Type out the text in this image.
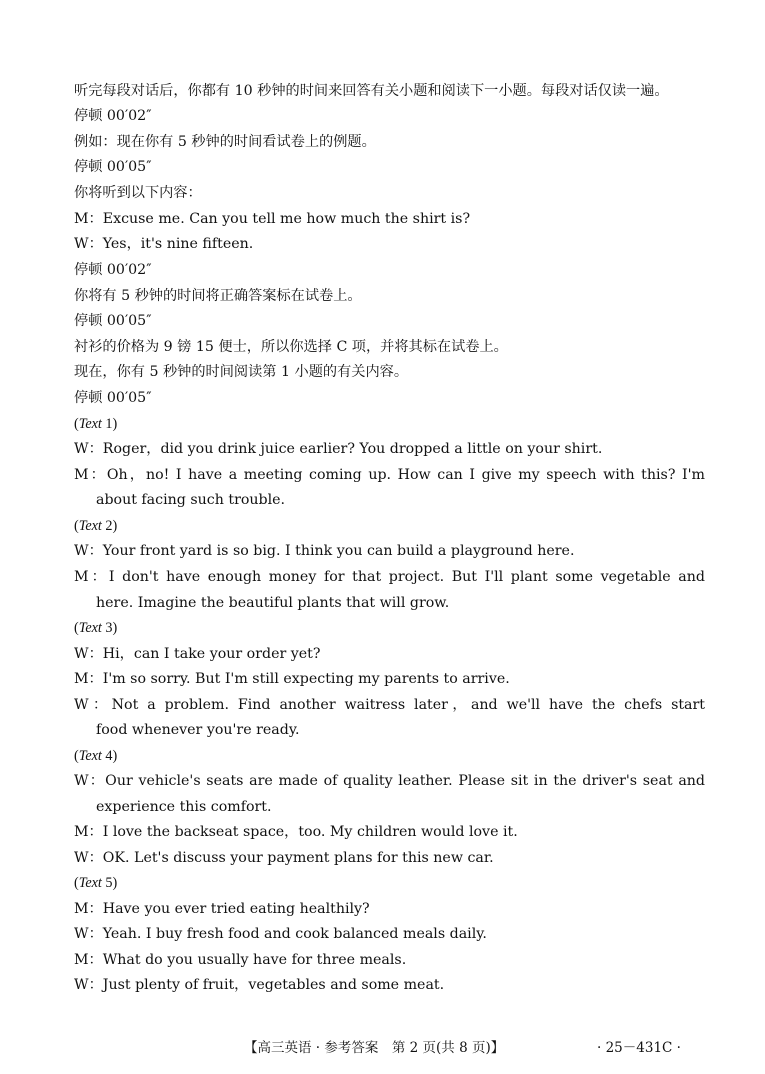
听完每段对话后，你都有 10 秒钟的时间来回答有关小题和阅读下一小题。每段对话仅读一遍。
停顿 00′02″
例如：现在你有 5 秒钟的时间看试卷上的例题。
停顿 00′05″
你将听到以下内容：
M：Excuse me. Can you tell me how much the shirt is?
W：Yes，it's nine fifteen.
停顿 00′02″
你将有 5 秒钟的时间将正确答案标在试卷上。
停顿 00′05″
衬衫的价格为 9 镑 15 便士，所以你选择 C 项，并将其标在试卷上。
现在，你有 5 秒钟的时间阅读第 1 小题的有关内容。
停顿 00′05″
(Text 1)
W：Roger，did you drink juice earlier? You dropped a little on your shirt.
M：Oh，no! I have a meeting coming up. How can I give my speech with this? I'm
about facing such trouble.
(Text 2)
W：Your front yard is so big. I think you can build a playground here.
M：I don't have enough money for that project. But I'll plant some vegetable and
here. Imagine the beautiful plants that will grow.
(Text 3)
W：Hi，can I take your order yet?
M：I'm so sorry. But I'm still expecting my parents to arrive.
W：Not a problem. Find another waitress later，and we'll have the chefs start
food whenever you're ready.
(Text 4)
W：Our vehicle's seats are made of quality leather. Please sit in the driver's seat and
experience this comfort.
M：I love the backseat space，too. My children would love it.
W：OK. Let's discuss your payment plans for this new car.
(Text 5)
M：Have you ever tried eating healthily?
W：Yeah. I buy fresh food and cook balanced meals daily.
M：What do you usually have for three meals.
W：Just plenty of fruit，vegetables and some meat.
【高三英语 · 参考答案　第 2 页(共 8 页)】	· 25－431C ·
